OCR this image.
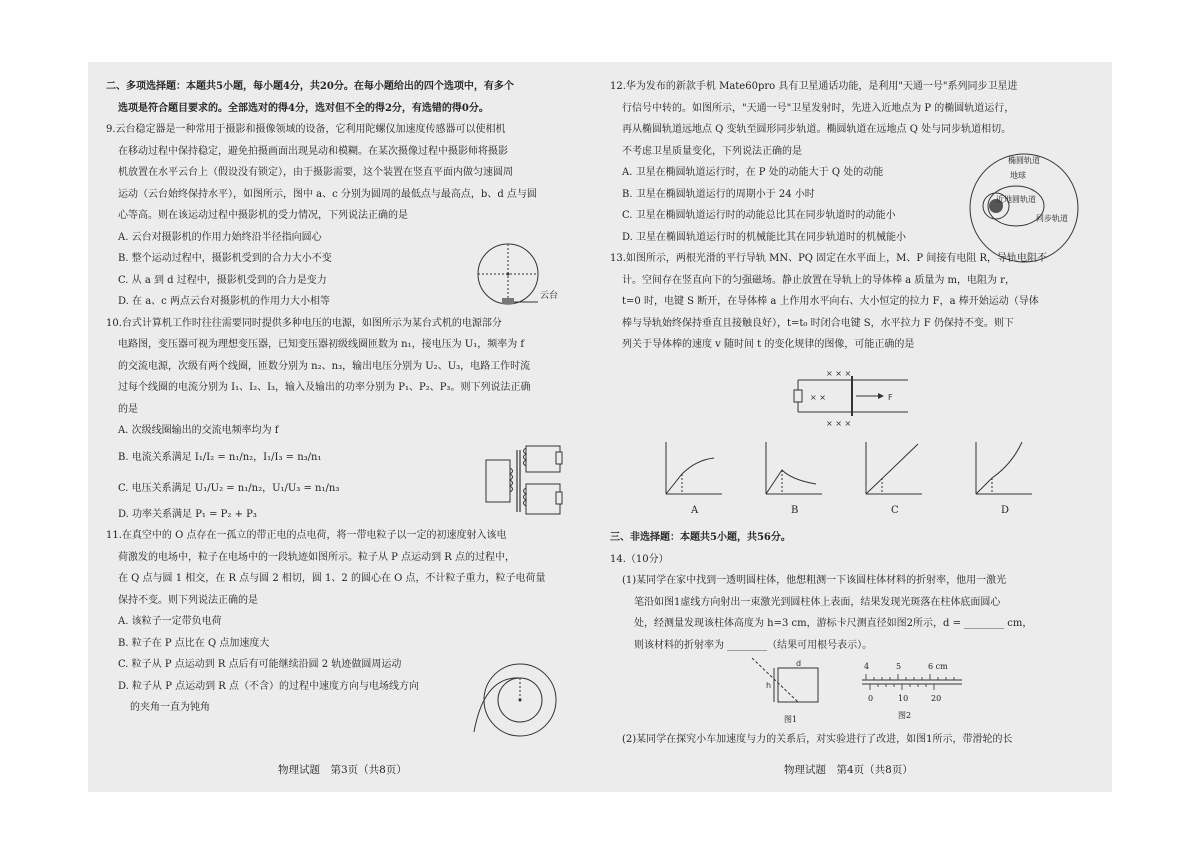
二、多项选择题：本题共5小题，每小题4分，共20分。在每小题给出的四个选项中，有多个

选项是符合题目要求的。全部选对的得4分，选对但不全的得2分，有选错的得0分。

9.云台稳定器是一种常用于摄影和摄像领域的设备，它利用陀螺仪加速度传感器可以使相机

在移动过程中保持稳定，避免拍摄画面出现晃动和模糊。在某次摄像过程中摄影师将摄影

机放置在水平云台上（假设没有锁定），由于摄影需要，这个装置在竖直平面内做匀速圆周

运动（云台始终保持水平），如图所示，图中 a、c 分别为圆周的最低点与最高点，b、d 点与圆

心等高。则在该运动过程中摄影机的受力情况，下列说法正确的是

A. 云台对摄影机的作用力始终沿半径指向圆心

B. 整个运动过程中，摄影机受到的合力大小不变

C. 从 a 到 d 过程中，摄影机受到的合力是变力

D. 在 a、c 两点云台对摄影机的作用力大小相等

10.台式计算机工作时往往需要同时提供多种电压的电源，如图所示为某台式机的电源部分

电路图，变压器可视为理想变压器，已知变压器初级线圈匝数为 n₁，接电压为 U₁，频率为 f

的交流电源，次级有两个线圈，匝数分别为 n₂、n₃，输出电压分别为 U₂、U₃，电路工作时流

过每个线圈的电流分别为 I₁、I₂、I₃，输入及输出的功率分别为 P₁、P₂、P₃。则下列说法正确

的是

A. 次级线圈输出的交流电频率均为 f

B. 电流关系满足 I₁/I₂ = n₁/n₂，I₁/I₃ = n₃/n₁

C. 电压关系满足 U₁/U₂ = n₁/n₂，U₁/U₃ = n₁/n₃

D. 功率关系满足 P₁ = P₂ + P₃

11.在真空中的 O 点存在一孤立的带正电的点电荷，将一带电粒子以一定的初速度射入该电

荷激发的电场中，粒子在电场中的一段轨迹如图所示。粒子从 P 点运动到 R 点的过程中，

在 Q 点与圆 1 相交，在 R 点与圆 2 相切，圆 1、2 的圆心在 O 点，不计粒子重力，粒子电荷量

保持不变。则下列说法正确的是

A. 该粒子一定带负电荷

B. 粒子在 P 点比在 Q 点加速度大

C. 粒子从 P 点运动到 R 点后有可能继续沿圆 2 轨迹做圆周运动

D. 粒子从 P 点运动到 R 点（不含）的过程中速度方向与电场线方向

的夹角一直为钝角

云台
物理试题　第3页（共8页）

12.华为发布的新款手机 Mate60pro 具有卫星通话功能，是利用"天通一号"系列同步卫星进

行信号中转的。如图所示，"天通一号"卫星发射时，先进入近地点为 P 的椭圆轨道运行，

再从椭圆轨道远地点 Q 变轨至圆形同步轨道。椭圆轨道在远地点 Q 处与同步轨道相切。

不考虑卫星质量变化，下列说法正确的是

A. 卫星在椭圆轨道运行时，在 P 处的动能大于 Q 处的动能

B. 卫星在椭圆轨道运行的周期小于 24 小时

C. 卫星在椭圆轨道运行时的动能总比其在同步轨道时的动能小

D. 卫星在椭圆轨道运行时的机械能比其在同步轨道时的机械能小

13.如图所示，两根光滑的平行导轨 MN、PQ 固定在水平面上，M、P 间接有电阻 R，导轨电阻不

计。空间存在竖直向下的匀强磁场。静止放置在导轨上的导体棒 a 质量为 m，电阻为 r，

t=0 时，电键 S 断开，在导体棒 a 上作用水平向右、大小恒定的拉力 F，a 棒开始运动（导体

棒与导轨始终保持垂直且接触良好），t=t₀ 时闭合电键 S，水平拉力 F 仍保持不变。则下

列关于导体棒的速度 v 随时间 t 的变化规律的图像，可能正确的是

椭圆轨道
地球
近地圆轨道
同步轨道
× ×
× × ×
× × ×
F
A	B	C	D

三、非选择题：本题共5小题，共56分。

14.（10分）

(1)某同学在家中找到一透明圆柱体，他想粗测一下该圆柱体材料的折射率，他用一激光

笔沿如图1虚线方向射出一束激光到圆柱体上表面，结果发现光斑落在柱体底面圆心

处，经测量发现该柱体高度为 h=3 cm，游标卡尺测直径如图2所示，d = ________ cm，

则该材料的折射率为 ________（结果可用根号表示）。

h
d
图1
4	5	6 cm
0	10	20
图2

(2)某同学在探究小车加速度与力的关系后，对实验进行了改进，如图1所示，带滑轮的长

物理试题　第4页（共8页）
